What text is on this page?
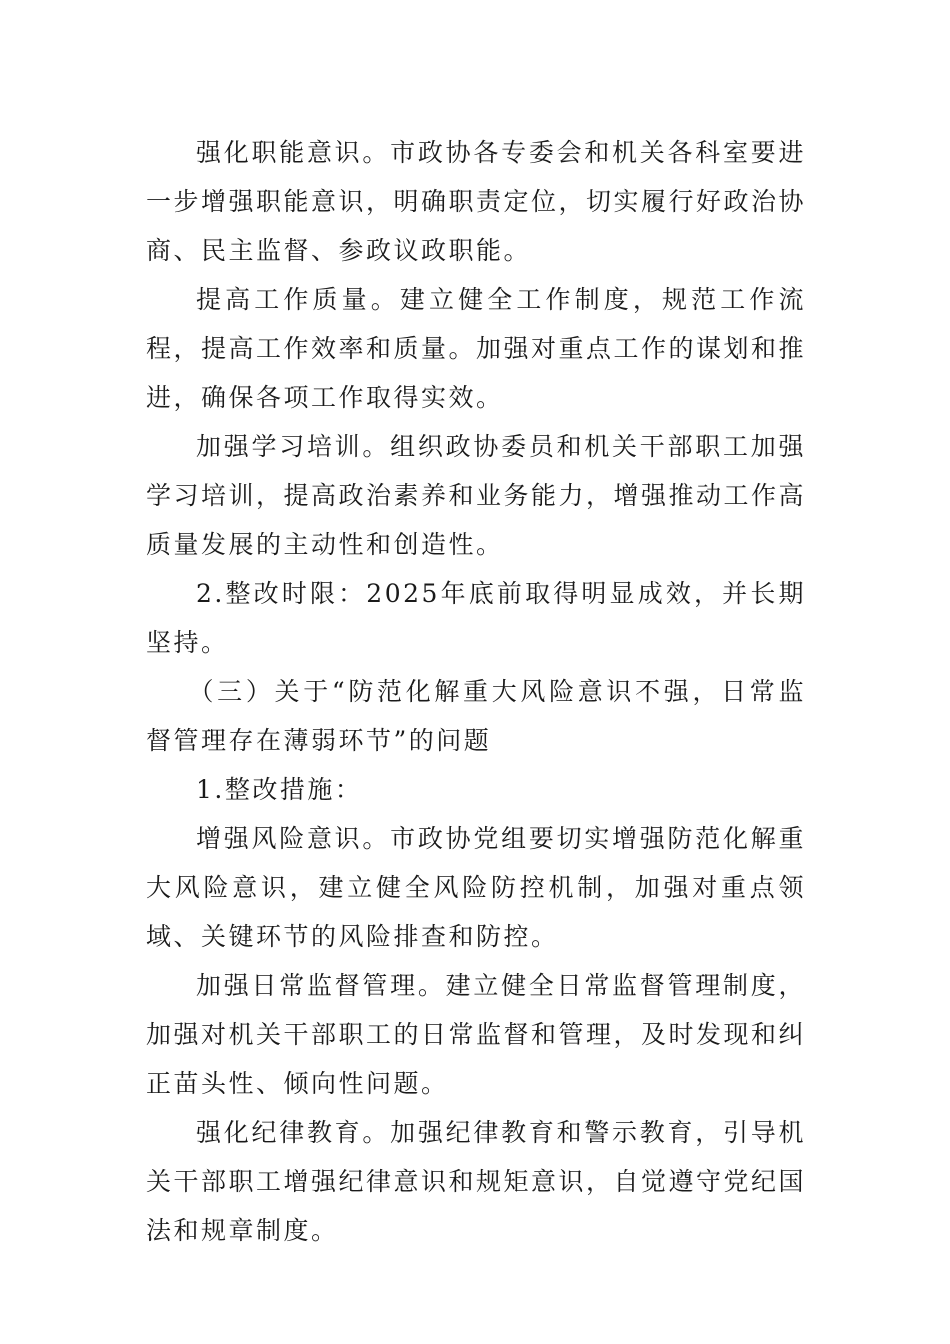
强化职能意识。市政协各专委会和机关各科室要进一步增强职能意识，明确职责定位，切实履行好政治协商、民主监督、参政议政职能。

提高工作质量。建立健全工作制度，规范工作流程，提高工作效率和质量。加强对重点工作的谋划和推进，确保各项工作取得实效。

加强学习培训。组织政协委员和机关干部职工加强学习培训，提高政治素养和业务能力，增强推动工作高质量发展的主动性和创造性。

2.整改时限：2025年底前取得明显成效，并长期坚持。

（三）关于“防范化解重大风险意识不强，日常监督管理存在薄弱环节”的问题

1.整改措施：

增强风险意识。市政协党组要切实增强防范化解重大风险意识，建立健全风险防控机制，加强对重点领域、关键环节的风险排查和防控。

加强日常监督管理。建立健全日常监督管理制度，加强对机关干部职工的日常监督和管理，及时发现和纠正苗头性、倾向性问题。

强化纪律教育。加强纪律教育和警示教育，引导机关干部职工增强纪律意识和规矩意识，自觉遵守党纪国法和规章制度。
